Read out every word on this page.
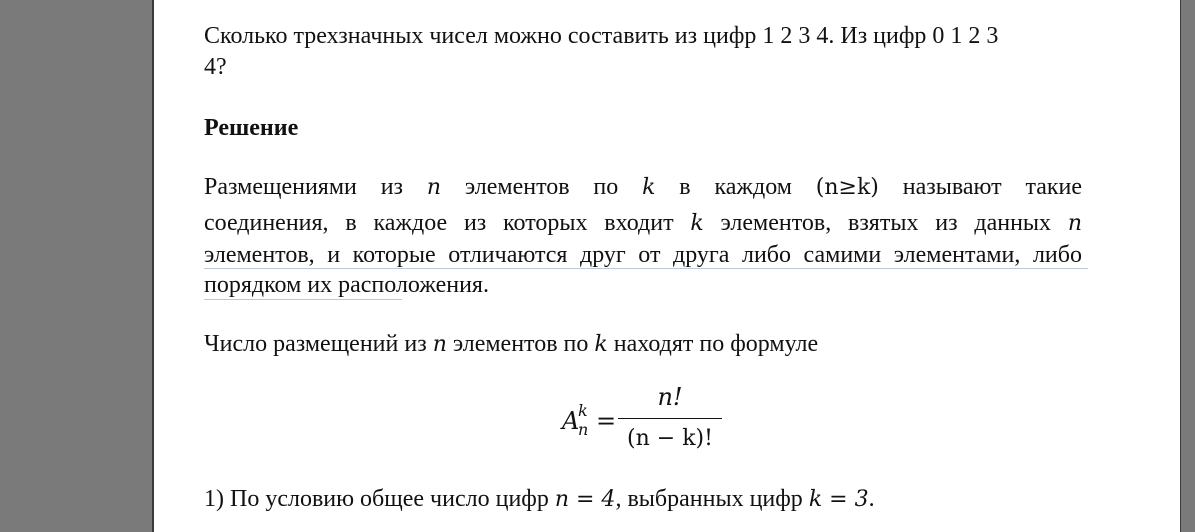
Сколько трехзначных чисел можно составить из цифр 1 2 3 4. Из цифр 0 1 2 3

4?

Решение

Размещениями из n элементов по k в каждом (n≥k) называют такие

соединения, в каждое из которых входит k элементов, взятых из данных n

элементов, и которые отличаются друг от друга либо самими элементами, либо

порядком их расположения.

Число размещений из n элементов по k находят по формуле

A
k
n =
n!
(n − k)!

1) По условию общее число цифр n = 4, выбранных цифр k = 3.
